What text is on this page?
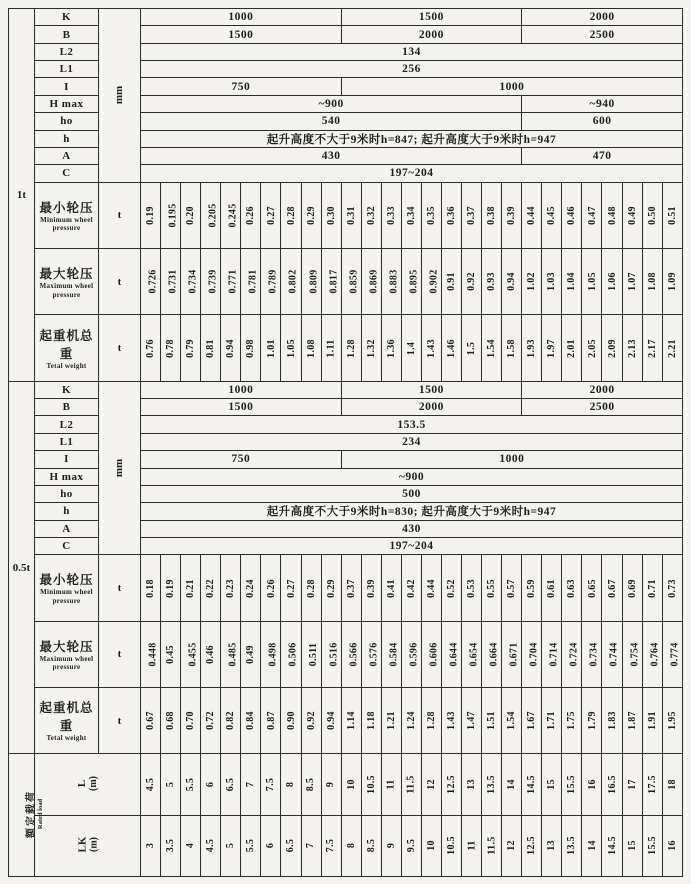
1t	K	mm	1000										1500									2000							
	B		1500										2000									2500							
	L2		134																										
	L1		256																										
	I		750										1000																
	H max		~900																			~940							
	ho		540																			600							
	h		起升高度不大于9米时h=847; 起升高度大于9米时h=947																										
	A		430																			470							
	C		197~204																										

	最小轮压
Minimum wheel pressure	t	0.19	0.195	0.20	0.205	0.245	0.26	0.27	0.28	0.29	0.30	0.31	0.32	0.33	0.34	0.35	0.36	0.37	0.38	0.39	0.44	0.45	0.46	0.47	0.48	0.49	0.50	0.51

	最大轮压
Maximum wheel pressure	t	0.726	0.731	0.734	0.739	0.771	0.781	0.789	0.802	0.809	0.817	0.859	0.869	0.883	0.895	0.902	0.91	0.92	0.93	0.94	1.02	1.03	1.04	1.05	1.06	1.07	1.08	1.09

	起重机总重
Tetal weight	t	0.76	0.78	0.79	0.81	0.94	0.98	1.01	1.05	1.08	1.11	1.28	1.32	1.36	1.4	1.43	1.46	1.5	1.54	1.58	1.93	1.97	2.01	2.05	2.09	2.13	2.17	2.21
0.5t	K	mm	1000										1500									2000							
	B		1500										2000									2500							
	L2		153.5																										
	L1		234																										
	I		750										1000																
	H max		~900																										
	ho		500																										
	h		起升高度不大于9米时h=830; 起升高度大于9米时h=947																										
	A		430																										
	C		197~204																										

	最小轮压
Minimum wheel pressure	t	0.18	0.19	0.21	0.22	0.23	0.24	0.26	0.27	0.28	0.29	0.37	0.39	0.41	0.42	0.44	0.52	0.53	0.55	0.57	0.59	0.61	0.63	0.65	0.67	0.69	0.71	0.73

	最大轮压
Maximum wheel pressure	t	0.448	0.45	0.455	0.46	0.485	0.49	0.498	0.506	0.511	0.516	0.566	0.576	0.584	0.596	0.606	0.644	0.654	0.664	0.671	0.704	0.714	0.724	0.734	0.744	0.754	0.764	0.774

	起重机总重
Tetal weight	t	0.67	0.68	0.70	0.72	0.82	0.84	0.87	0.90	0.92	0.94	1.14	1.18	1.21	1.24	1.28	1.43	1.47	1.51	1.54	1.67	1.71	1.75	1.79	1.83	1.87	1.91	1.95

额定载荷 Rated load	L (m)		4.5	5	5.5	6	6.5	7	7.5	8	8.5	9	10	10.5	11	11.5	12	12.5	13	13.5	14	14.5	15	15.5	16	16.5	17	17.5	18

	LK (m)		3	3.5	4	4.5	5	5.5	6	6.5	7	7.5	8	8.5	9	9.5	10	10.5	11	11.5	12	12.5	13	13.5	14	14.5	15	15.5	16
